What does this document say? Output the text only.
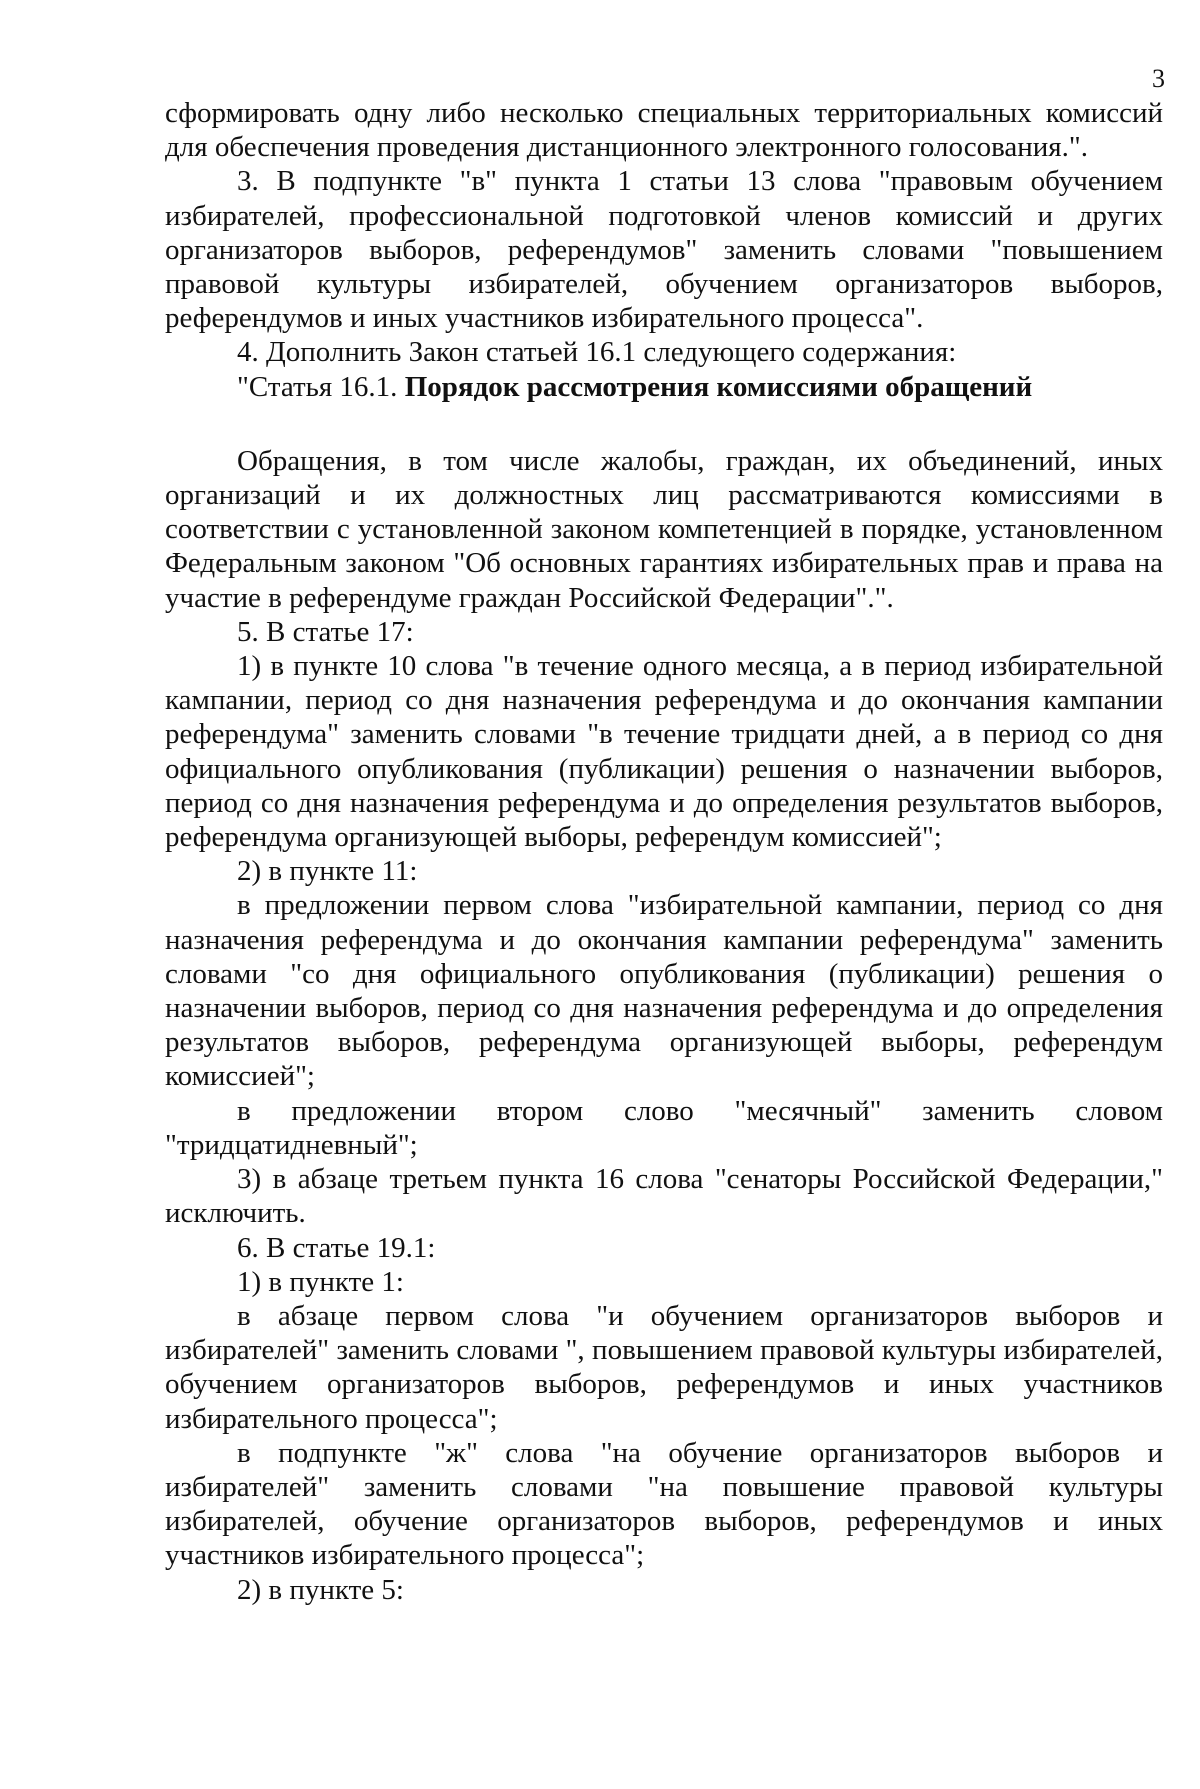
3

сформировать одну либо несколько специальных территориальных комиссий для обеспечения проведения дистанционного электронного голосования.".

3. В подпункте "в" пункта 1 статьи 13 слова "правовым обучением избирателей, профессиональной подготовкой членов комиссий и других организаторов выборов, референдумов" заменить словами "повышением правовой культуры избирателей, обучением организаторов выборов, референдумов и иных участников избирательного процесса".

4. Дополнить Закон статьей 16.1 следующего содержания:

"Статья 16.1. Порядок рассмотрения комиссиями обращений

Обращения, в том числе жалобы, граждан, их объединений, иных организаций и их должностных лиц рассматриваются комиссиями в соответствии с установленной законом компетенцией в порядке, установленном Федеральным законом "Об основных гарантиях избирательных прав и права на участие в референдуме граждан Российской Федерации".".

5. В статье 17:

1) в пункте 10 слова "в течение одного месяца, а в период избирательной кампании, период со дня назначения референдума и до окончания кампании референдума" заменить словами "в течение тридцати дней, а в период со дня официального опубликования (публикации) решения о назначении выборов, период со дня назначения референдума и до определения результатов выборов, референдума организующей выборы, референдум комиссией";

2) в пункте 11:

в предложении первом слова "избирательной кампании, период со дня назначения референдума и до окончания кампании референдума" заменить словами "со дня официального опубликования (публикации) решения о назначении выборов, период со дня назначения референдума и до определения результатов выборов, референдума организующей выборы, референдум комиссией";

в предложении втором слово "месячный" заменить словом "тридцатидневный";

3) в абзаце третьем пункта 16 слова "сенаторы Российской Федерации," исключить.

6. В статье 19.1:

1) в пункте 1:

в абзаце первом слова "и обучением организаторов выборов и избирателей" заменить словами ", повышением правовой культуры избирателей, обучением организаторов выборов, референдумов и иных участников избирательного процесса";

в подпункте "ж" слова "на обучение организаторов выборов и избирателей" заменить словами "на повышение правовой культуры избирателей, обучение организаторов выборов, референдумов и иных участников избирательного процесса";

2) в пункте 5:
